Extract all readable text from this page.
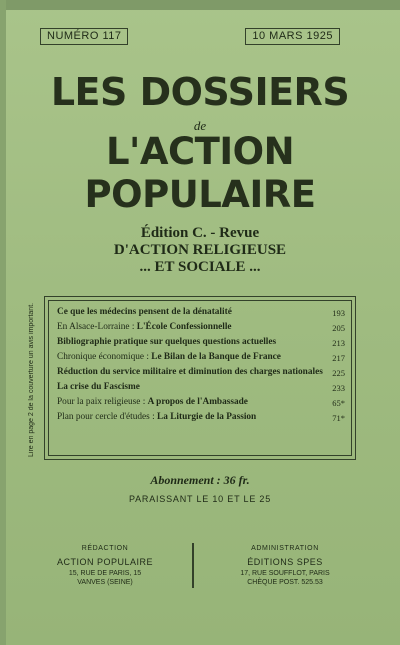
NUMÉRO 117	10 MARS 1925
LES DOSSIERS
de
L'ACTION POPULAIRE
Édition C. - Revue
D'ACTION RELIGIEUSE
... ET SOCIALE ...
Lire en page 2 de la couverture un avis important.	Ce que les médecins pensent de la dénatalité	193
En Alsace-Lorraine : L'École Confessionnelle	205
Bibliographie pratique sur quelques questions actuelles	213
Chronique économique : Le Bilan de la Banque de France	217
Réduction du service militaire et diminution des charges nationales	225
La crise du Fascisme	233
Pour la paix religieuse : A propos de l'Ambassade	65*
Plan pour cercle d'études : La Liturgie de la Passion	71*
Abonnement : 36 fr.
PARAISSANT LE 10 ET LE 25
RÉDACTION
ACTION POPULAIRE
15, RUE DE PARIS, 15
VANVES (SEINE)
ADMINISTRATION
ÉDITIONS SPES
17, RUE SOUFFLOT, PARIS
CHÈQUE POST. 525.53
